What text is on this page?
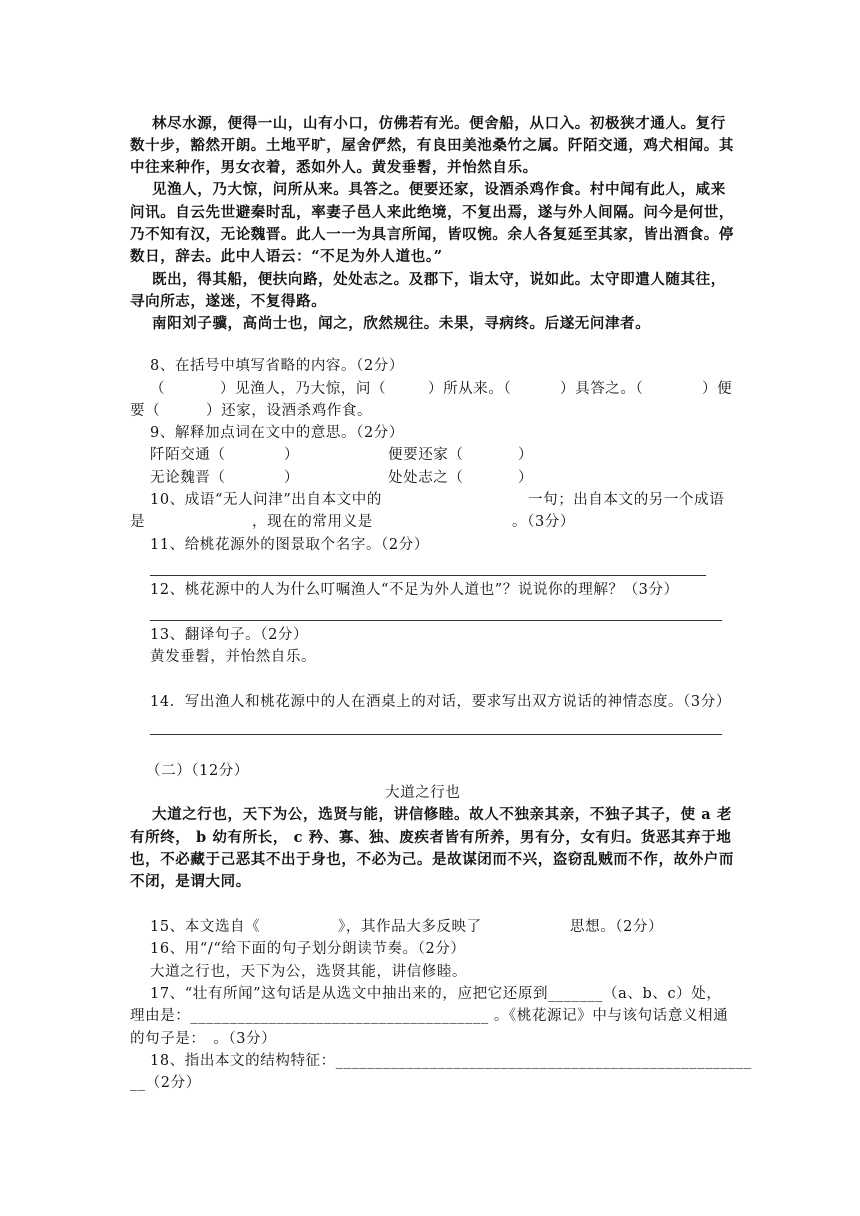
林尽水源，便得一山，山有小口，仿佛若有光。便舍船，从口入。初极狭才通人。复行
数十步，豁然开朗。土地平旷，屋舍俨然，有良田美池桑竹之属。阡陌交通，鸡犬相闻。其
中往来种作，男女衣着，悉如外人。黄发垂髫，并怡然自乐。
见渔人，乃大惊，问所从来。具答之。便要还家，设酒杀鸡作食。村中闻有此人，咸来
问讯。自云先世避秦时乱，率妻子邑人来此绝境，不复出焉，遂与外人间隔。问今是何世，
乃不知有汉，无论魏晋。此人一一为具言所闻，皆叹惋。余人各复延至其家，皆出酒食。停
数日，辞去。此中人语云：“不足为外人道也。”
既出，得其船，便扶向路，处处志之。及郡下，诣太守，说如此。太守即遣人随其往，
寻向所志，遂迷，不复得路。
南阳刘子骥，高尚士也，闻之，欣然规往。未果，寻病终。后遂无问津者。
8、在括号中填写省略的内容。（2分）
（	）见渔人，乃大惊，问（	）所从来。（	）具答之。（	）便
要（	）还家，设酒杀鸡作食。
9、解释加点词在文中的意思。（2分）
阡陌交通（	）	便要还家（	）
无论魏晋（	）	处处志之（	）
10、成语“无人问津”出自本文中的	一句；出自本文的另一个成语
是	，现在的常用义是	。（3分）
11、给桃花源外的图景取个名字。（2分）
12、桃花源中的人为什么叮嘱渔人“不足为外人道也”？说说你的理解？（3分）
13、翻译句子。（2分）
黄发垂髫，并怡然自乐。
14．写出渔人和桃花源中的人在酒桌上的对话，要求写出双方说话的神情态度。（3分）
（二）（12分）
大道之行也
大道之行也，天下为公，选贤与能，讲信修睦。故人不独亲其亲，不独子其子，使 a 老
有所终， b 幼有所长， c 矜、寡、独、废疾者皆有所养，男有分，女有归。货恶其弃于地
也，不必藏于己恶其不出于身也，不必为己。是故谋闭而不兴，盗窃乱贼而不作，故外户而
不闭，是谓大同。
15、本文选自《	》，其作品大多反映了	思想。（2分）
16、用“/“给下面的句子划分朗读节奏。（2分）
大道之行也，天下为公，选贤其能，讲信修睦。
17、“壮有所闻”这句话是从选文中抽出来的，应把它还原到_______（a、b、c）处，
理由是：______________________________________ 。《桃花源记》中与该句话意义相通
的句子是：　。（3分）
18、指出本文的结构特征：_____________________________________________________
__（2分）
